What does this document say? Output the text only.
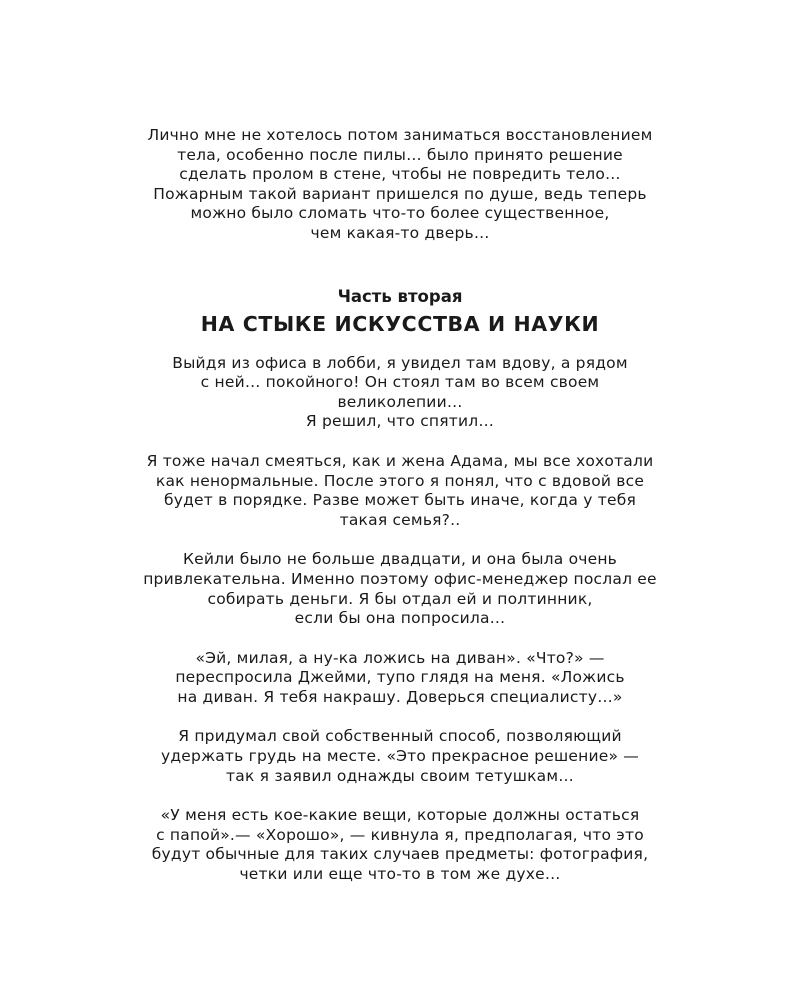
Лично мне не хотелось потом заниматься восстановлением
тела, особенно после пилы… было принято решение
сделать пролом в стене, чтобы не повредить тело…
Пожарным такой вариант пришелся по душе, ведь теперь
можно было сломать что-то более существенное,
чем какая-то дверь…

Часть вторая
НА СТЫКЕ ИСКУССТВА И НАУКИ

Выйдя из офиса в лобби, я увидел там вдову, а рядом
с ней… покойного! Он стоял там во всем своем
великолепии…
Я решил, что спятил…

Я тоже начал смеяться, как и жена Адама, мы все хохотали
как ненормальные. После этого я понял, что с вдовой все
будет в порядке. Разве может быть иначе, когда у тебя
такая семья?..

Кейли было не больше двадцати, и она была очень
привлекательна. Именно поэтому офис-менеджер послал ее
собирать деньги. Я бы отдал ей и полтинник,
если бы она попросила…

«Эй, милая, а ну-ка ложись на диван». «Что?» —
переспросила Джейми, тупо глядя на меня. «Ложись
на диван. Я тебя накрашу. Доверься специалисту…»

Я придумал свой собственный способ, позволяющий
удержать грудь на месте. «Это прекрасное решение» —
так я заявил однажды своим тетушкам…

«У меня есть кое-какие вещи, которые должны остаться
с папой».— «Хорошо», — кивнула я, предполагая, что это
будут обычные для таких случаев предметы: фотография,
четки или еще что-то в том же духе…
